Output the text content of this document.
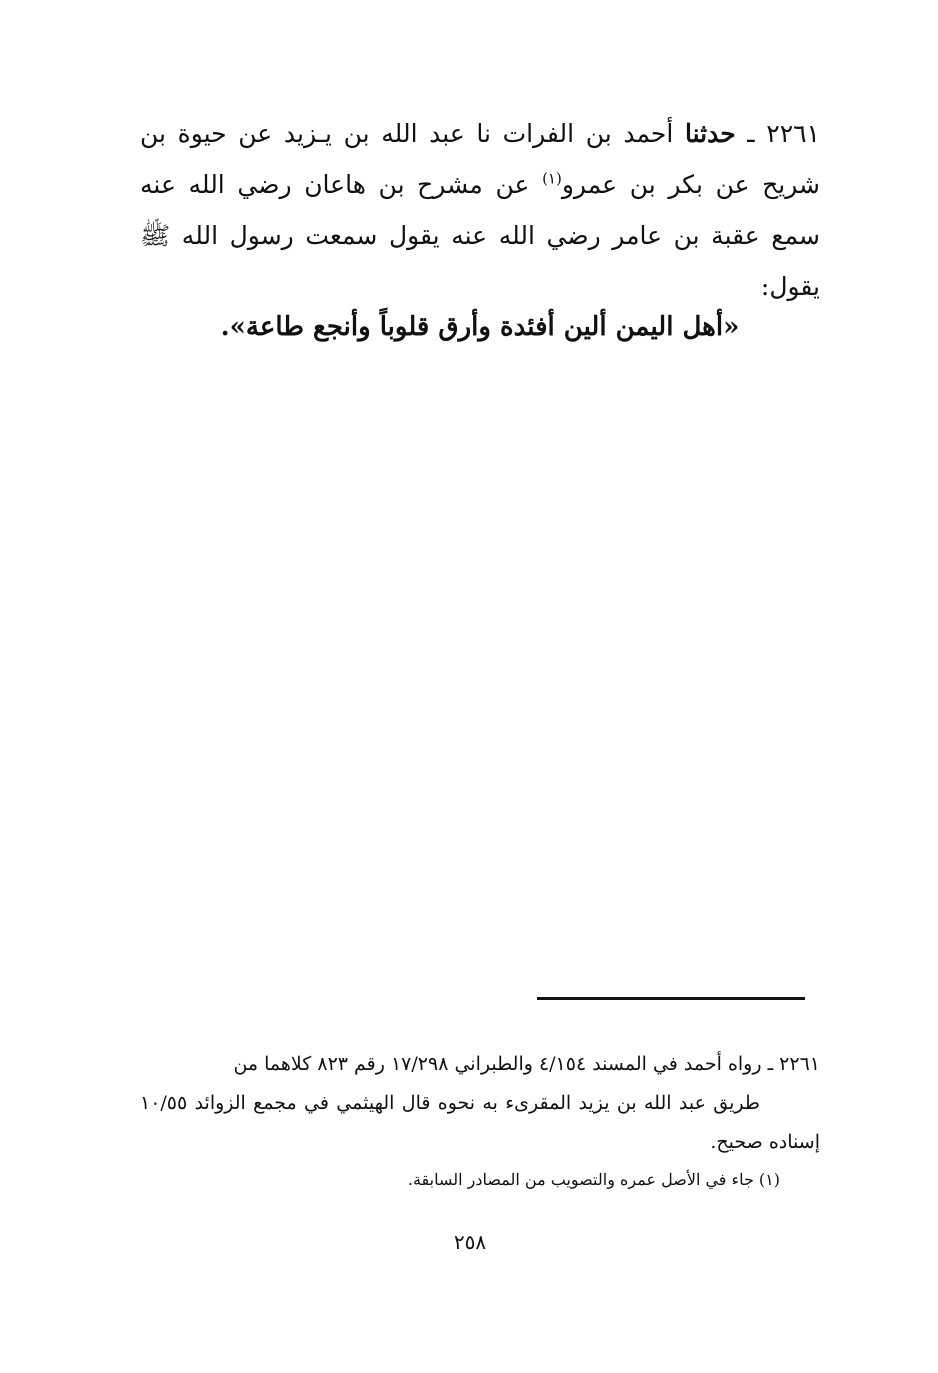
٢٢٦١ ـ حدثنا أحمد بن الفرات نا عبد الله بن يـزيد عن حيوة بن شريح عن بكر بن عمرو$^{(١)}$ عن مشرح بن هاعان رضي الله عنه سمع عقبة بن عامر رضي الله عنه يقول سمعت رسول الله ﷺ يقول:

«أهل اليمن ألين أفئدة وأرق قلوباً وأنجع طاعة».

٢٢٦١ ـ رواه أحمد في المسند ٤/١٥٤ والطبراني ١٧/٢٩٨ رقم ٨٢٣ كلاهما من
طريق عبد الله بن يزيد المقرىء به نحوه قال الهيثمي في مجمع الزوائد ١٠/٥٥ إسناده صحيح.

(١) جاء في الأصل عمره والتصويب من المصادر السابقة.

٢٥٨
